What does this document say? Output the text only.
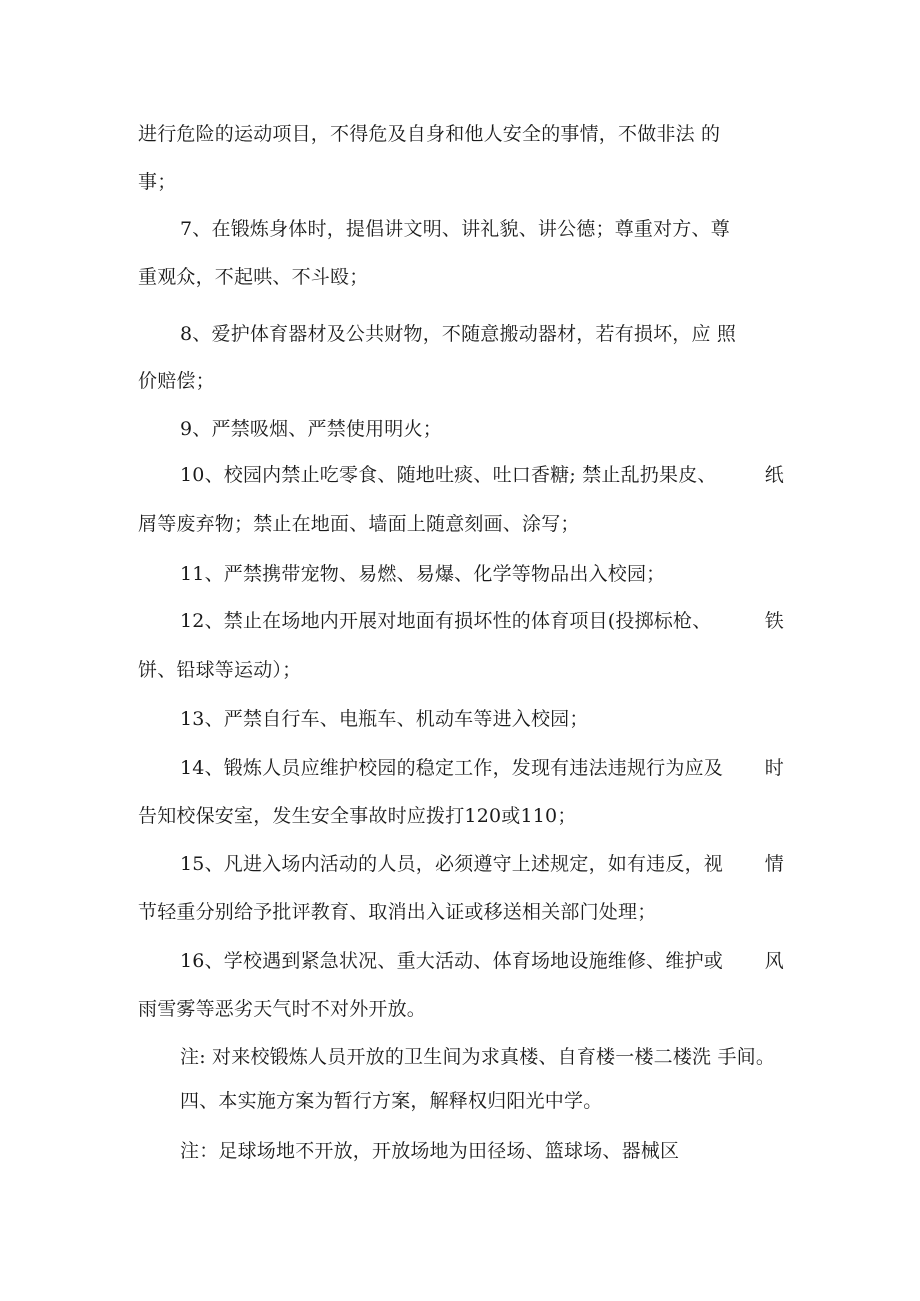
进行危险的运动项目，不得危及自身和他人安全的事情，不做非法 的
事；
7、在锻炼身体时，提倡讲文明、讲礼貌、讲公德；尊重对方、尊
重观众，不起哄、不斗殴；
8、爱护体育器材及公共财物，不随意搬动器材，若有损坏，应 照
价赔偿；
9、严禁吸烟、严禁使用明火；
10、校园内禁止吃零食、随地吐痰、吐口香糖; 禁止乱扔果皮、	纸
屑等废弃物；禁止在地面、墙面上随意刻画、涂写；
11、严禁携带宠物、易燃、易爆、化学等物品出入校园；
12、禁止在场地内开展对地面有损坏性的体育项目(投掷标枪、	铁
饼、铅球等运动）；
13、严禁自行车、电瓶车、机动车等进入校园；
14、锻炼人员应维护校园的稳定工作，发现有违法违规行为应及 时
告知校保安室，发生安全事故时应拨打120或110；
15、凡进入场内活动的人员，必须遵守上述规定，如有违反，视 情
节轻重分别给予批评教育、取消出入证或移送相关部门处理；
16、学校遇到紧急状况、重大活动、体育场地设施维修、维护或 风
雨雪雾等恶劣天气时不对外开放。
注: 对来校锻炼人员开放的卫生间为求真楼、自育楼一楼二楼洗 手间。
四、本实施方案为暂行方案，解释权归阳光中学。
注：足球场地不开放，开放场地为田径场、篮球场、器械区
